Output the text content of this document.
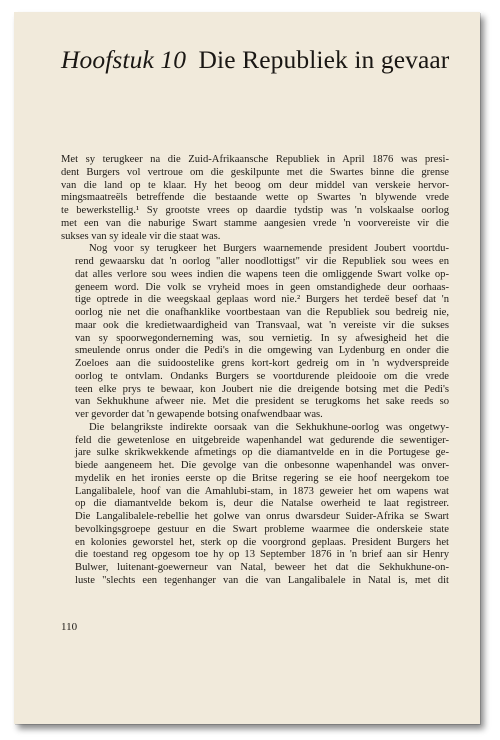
Hoofstuk 10 Die Republiek in gevaar

Met sy terugkeer na die Zuid-Afrikaansche Republiek in April 1876 was presi-
dent Burgers vol vertroue om die geskilpunte met die Swartes binne die grense
van die land op te klaar. Hy het beoog om deur middel van verskeie hervor-
mingsmaatreëls betreffende die bestaande wette op Swartes 'n blywende vrede
te bewerkstellig.¹ Sy grootste vrees op daardie tydstip was 'n volskaalse oorlog
met een van die naburige Swart stamme aangesien vrede 'n voorvereiste vir die
sukses van sy ideale vir die staat was.

Nog voor sy terugkeer het Burgers waarnemende president Joubert voortdu-
rend gewaarsku dat 'n oorlog "aller noodlottigst" vir die Republiek sou wees en
dat alles verlore sou wees indien die wapens teen die omliggende Swart volke op-
geneem word. Die volk se vryheid moes in geen omstandighede deur oorhaas-
tige optrede in die weegskaal geplaas word nie.² Burgers het terdeë besef dat 'n
oorlog nie net die onafhanklike voortbestaan van die Republiek sou bedreig nie,
maar ook die kredietwaardigheid van Transvaal, wat 'n vereiste vir die sukses
van sy spoorwegonderneming was, sou vernietig. In sy afwesigheid het die
smeulende onrus onder die Pedi's in die omgewing van Lydenburg en onder die
Zoeloes aan die suidoostelike grens kort-kort gedreig om in 'n wydverspreide
oorlog te ontvlam. Ondanks Burgers se voortdurende pleidooie om die vrede
teen elke prys te bewaar, kon Joubert nie die dreigende botsing met die Pedi's
van Sekhukhune afweer nie. Met die president se terugkoms het sake reeds so
ver gevorder dat 'n gewapende botsing onafwendbaar was.

Die belangrikste indirekte oorsaak van die Sekhukhune-oorlog was ongetwy-
feld die gewetenlose en uitgebreide wapenhandel wat gedurende die sewentiger-
jare sulke skrikwekkende afmetings op die diamantvelde en in die Portugese ge-
biede aangeneem het. Die gevolge van die onbesonne wapenhandel was onver-
mydelik en het ironies eerste op die Britse regering se eie hoof neergekom toe
Langalibalele, hoof van die Amahlubi-stam, in 1873 geweier het om wapens wat
op die diamantvelde bekom is, deur die Natalse owerheid te laat registreer.
Die Langalibalele-rebellie het golwe van onrus dwarsdeur Suider-Afrika se Swart
bevolkingsgroepe gestuur en die Swart probleme waarmee die onderskeie state
en kolonies geworstel het, sterk op die voorgrond geplaas. President Burgers het
die toestand reg opgesom toe hy op 13 September 1876 in 'n brief aan sir Henry
Bulwer, luitenant-goewerneur van Natal, beweer het dat die Sekhukhune-on-
luste "slechts een tegenhanger van die van Langalibalele in Natal is, met dit

110
